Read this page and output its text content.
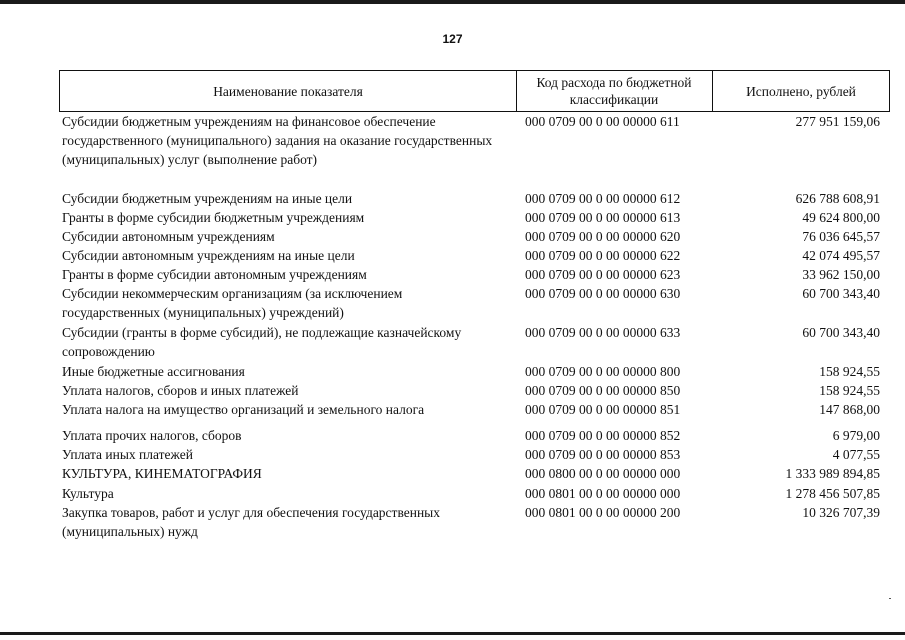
127
Наименование показателя
Код расхода по бюджетной классификации
Исполнено, рублей
Субсидии бюджетным учреждениям на финансовое обеспечение государственного (муниципального) задания на оказание государственных (муниципальных) услуг (выполнение работ)
000 0709 00 0 00 00000 611	277 951 159,06
Субсидии бюджетным учреждениям на иные цели	000 0709 00 0 00 00000 612	626 788 608,91
Гранты в форме субсидии бюджетным учреждениям	000 0709 00 0 00 00000 613	49 624 800,00
Субсидии автономным учреждениям	000 0709 00 0 00 00000 620	76 036 645,57
Субсидии автономным учреждениям на иные цели	000 0709 00 0 00 00000 622	42 074 495,57
Гранты в форме субсидии автономным учреждениям	000 0709 00 0 00 00000 623	33 962 150,00
Субсидии некоммерческим организациям (за исключением государственных (муниципальных) учреждений)
000 0709 00 0 00 00000 630	60 700 343,40
Субсидии (гранты в форме субсидий), не подлежащие казначейскому сопровождению
000 0709 00 0 00 00000 633	60 700 343,40
Иные бюджетные ассигнования	000 0709 00 0 00 00000 800	158 924,55
Уплата налогов, сборов и иных платежей	000 0709 00 0 00 00000 850	158 924,55
Уплата налога на имущество организаций и земельного налога	000 0709 00 0 00 00000 851	147 868,00
Уплата прочих налогов, сборов	000 0709 00 0 00 00000 852	6 979,00
Уплата иных платежей	000 0709 00 0 00 00000 853	4 077,55
КУЛЬТУРА, КИНЕМАТОГРАФИЯ	000 0800 00 0 00 00000 000	1 333 989 894,85
Культура	000 0801 00 0 00 00000 000	1 278 456 507,85
Закупка товаров, работ и услуг для обеспечения государственных (муниципальных) нужд
000 0801 00 0 00 00000 200	10 326 707,39
